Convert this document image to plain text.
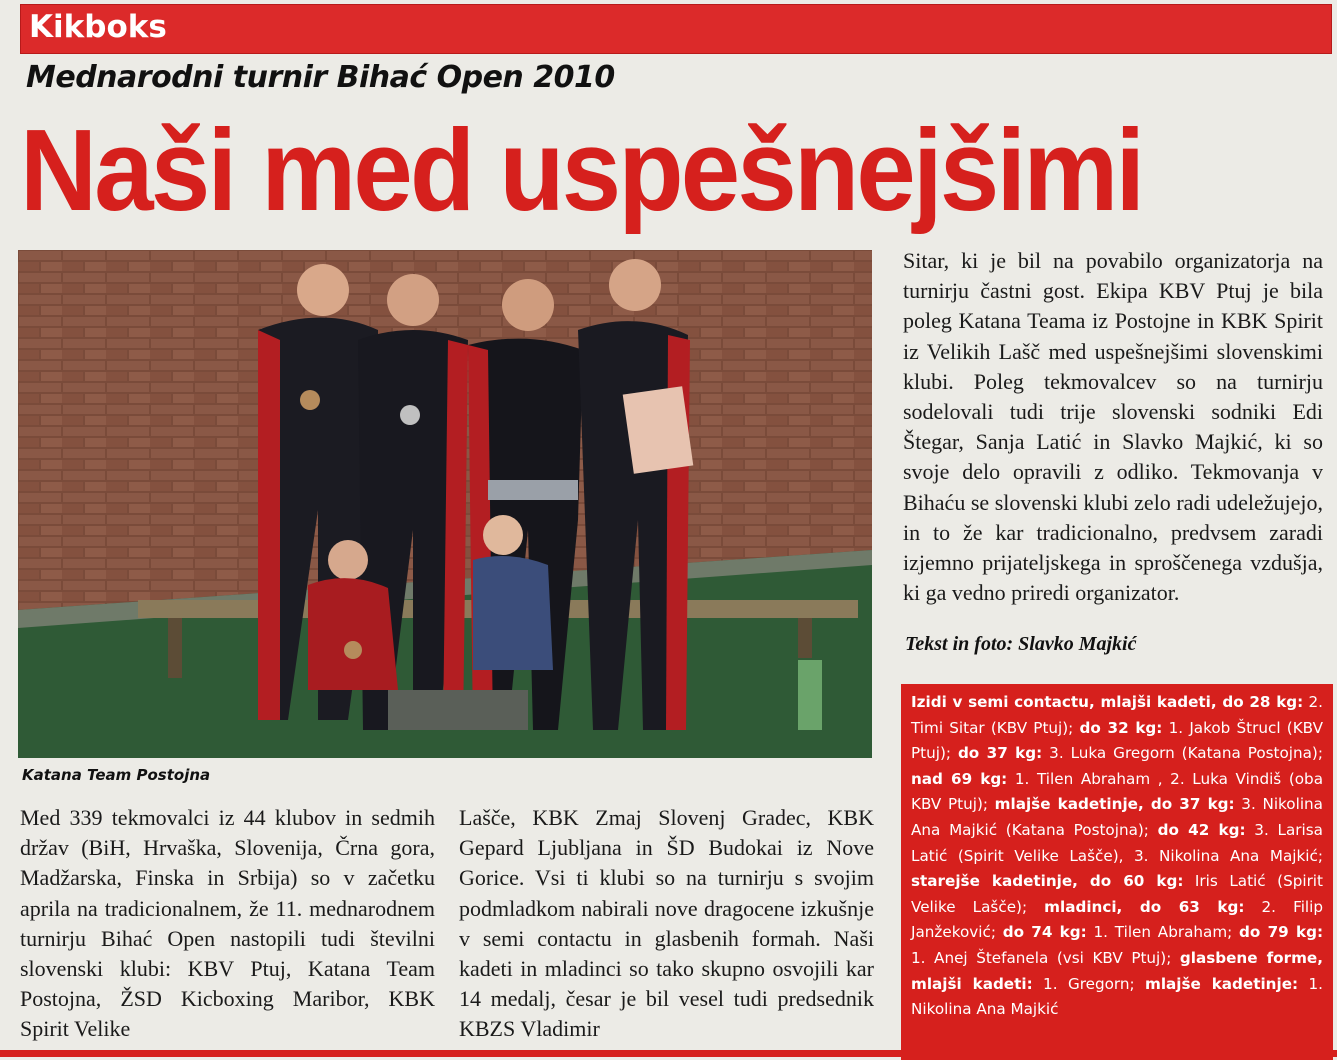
Kikboks
Mednarodni turnir Bihać Open 2010
Naši med uspešnejšimi
Katana Team Postojna
Med 339 tekmovalci iz 44 klubov in sedmih držav (BiH, Hrvaška, Slovenija, Črna gora, Madžarska, Finska in Srbija) so v začetku aprila na tradicionalnem, že 11. mednarodnem turnirju Bihać Open nastopili tudi številni slovenski klubi: KBV Ptuj, Katana Team Postojna, ŽSD Kicboxing Maribor, KBK Spirit Velike
Lašče, KBK Zmaj Slovenj Gradec, KBK Gepard Ljubljana in ŠD Budokai iz Nove Gorice. Vsi ti klubi so na turnirju s svojim podmladkom nabirali nove dragocene izkušnje v semi contactu in glasbenih formah. Naši kadeti in mladinci so tako skupno osvojili kar 14 medalj, česar je bil vesel tudi predsednik KBZS Vladimir
Sitar, ki je bil na povabilo organizatorja na turnirju častni gost. Ekipa KBV Ptuj je bila poleg Katana Teama iz Postojne in KBK Spirit iz Velikih Lašč med uspešnejšimi slovenskimi klubi. Poleg tekmovalcev so na turnirju sodelovali tudi trije slovenski sodniki Edi Štegar, Sanja Latić in Slavko Majkić, ki so svoje delo opravili z odliko. Tekmovanja v Bihaću se slovenski klubi zelo radi udeležujejo, in to že kar tradicionalno, predvsem zaradi izjemno prijateljskega in sproščenega vzdušja, ki ga vedno priredi organizator.
Tekst in foto: Slavko Majkić
Izidi v semi contactu, mlajši kadeti, do 28 kg: 2. Timi Sitar (KBV Ptuj); do 32 kg: 1. Jakob Štrucl (KBV Ptuj); do 37 kg: 3. Luka Gregorn (Katana Postojna); nad 69 kg: 1. Tilen Abraham , 2. Luka Vindiš (oba KBV Ptuj); mlajše kadetinje, do 37 kg: 3. Nikolina Ana Majkić (Katana Postojna); do 42 kg: 3. Larisa Latić (Spirit Velike Lašče), 3. Nikolina Ana Majkić; starejše kadetinje, do 60 kg: Iris Latić (Spirit Velike Lašče); mladinci, do 63 kg: 2. Filip Janžeković; do 74 kg: 1. Tilen Abraham; do 79 kg: 1. Anej Štefanela (vsi KBV Ptuj); glasbene forme, mlajši kadeti: 1. Gregorn; mlajše kadetinje: 1. Nikolina Ana Majkić
